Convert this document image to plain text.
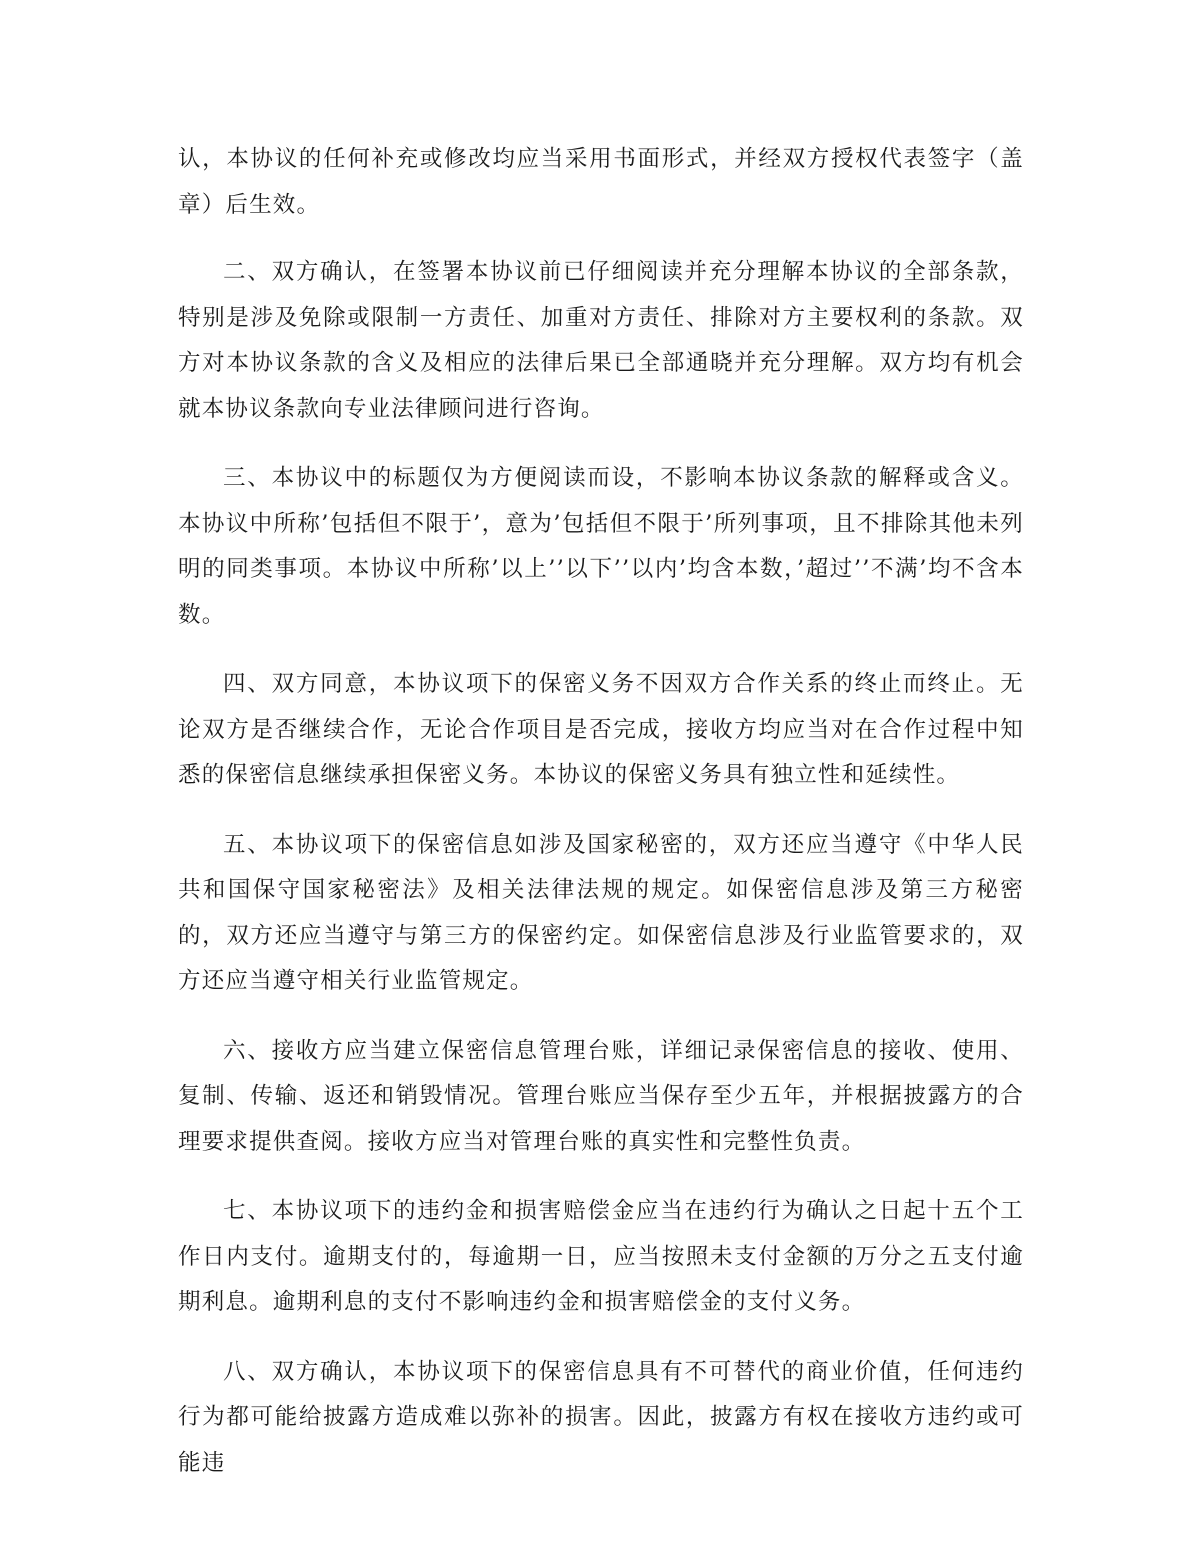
认，本协议的任何补充或修改均应当采用书面形式，并经双方授权代表签字（盖章）后生效。

二、双方确认，在签署本协议前已仔细阅读并充分理解本协议的全部条款，特别是涉及免除或限制一方责任、加重对方责任、排除对方主要权利的条款。双方对本协议条款的含义及相应的法律后果已全部通晓并充分理解。双方均有机会就本协议条款向专业法律顾问进行咨询。

三、本协议中的标题仅为方便阅读而设，不影响本协议条款的解释或含义。本协议中所称’包括但不限于’，意为’包括但不限于’所列事项，且不排除其他未列明的同类事项。本协议中所称’以上’’以下’’以内’均含本数，’超过’’不满’均不含本数。

四、双方同意，本协议项下的保密义务不因双方合作关系的终止而终止。无论双方是否继续合作，无论合作项目是否完成，接收方均应当对在合作过程中知悉的保密信息继续承担保密义务。本协议的保密义务具有独立性和延续性。

五、本协议项下的保密信息如涉及国家秘密的，双方还应当遵守《中华人民共和国保守国家秘密法》及相关法律法规的规定。如保密信息涉及第三方秘密的，双方还应当遵守与第三方的保密约定。如保密信息涉及行业监管要求的，双方还应当遵守相关行业监管规定。

六、接收方应当建立保密信息管理台账，详细记录保密信息的接收、使用、复制、传输、返还和销毁情况。管理台账应当保存至少五年，并根据披露方的合理要求提供查阅。接收方应当对管理台账的真实性和完整性负责。

七、本协议项下的违约金和损害赔偿金应当在违约行为确认之日起十五个工作日内支付。逾期支付的，每逾期一日，应当按照未支付金额的万分之五支付逾期利息。逾期利息的支付不影响违约金和损害赔偿金的支付义务。

八、双方确认，本协议项下的保密信息具有不可替代的商业价值，任何违约行为都可能给披露方造成难以弥补的损害。因此，披露方有权在接收方违约或可能违
